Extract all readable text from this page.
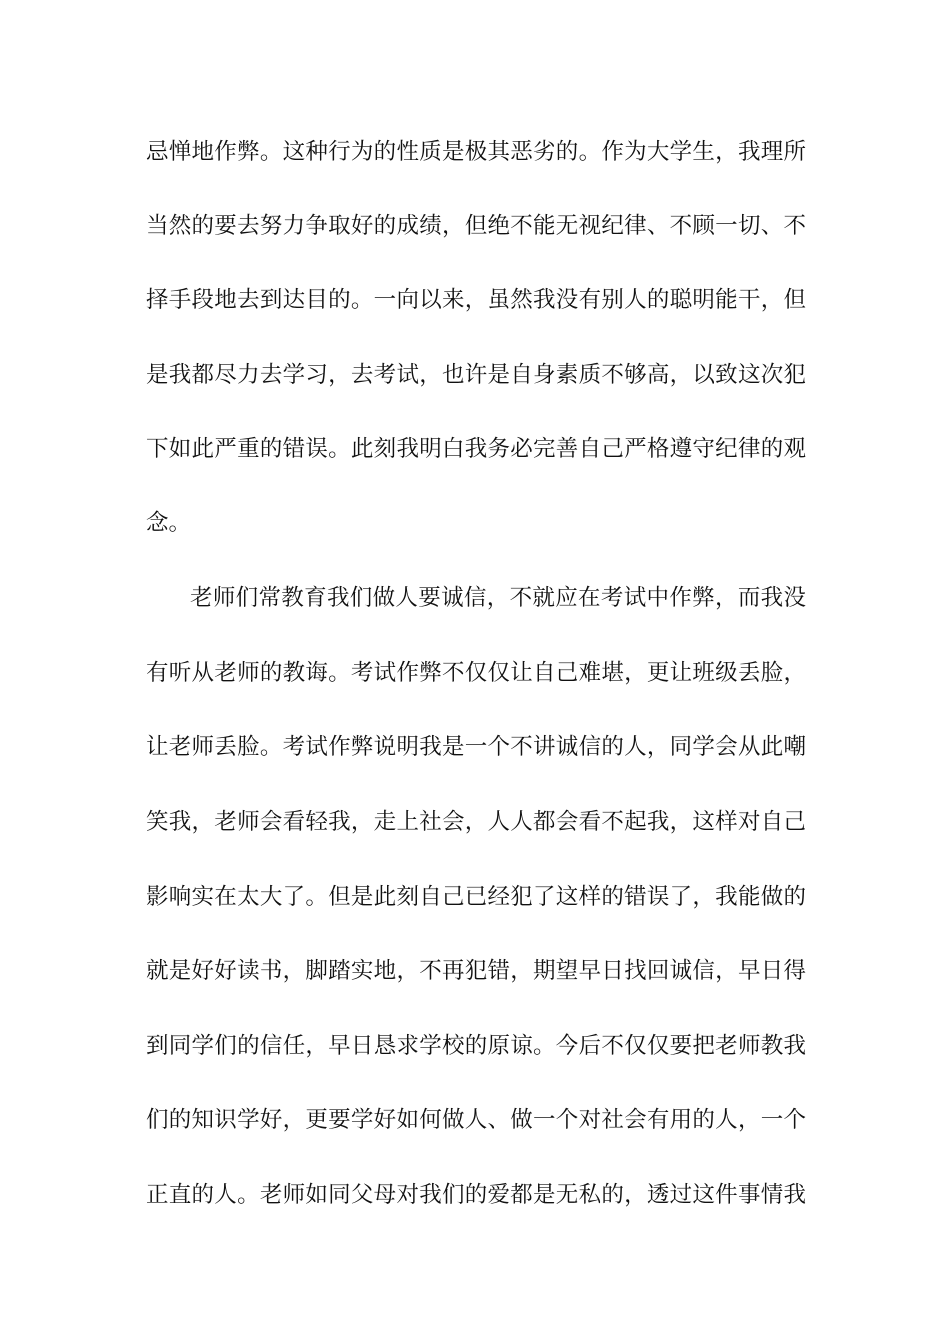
忌惮地作弊。这种行为的性质是极其恶劣的。作为大学生，我理所
当然的要去努力争取好的成绩，但绝不能无视纪律、不顾一切、不
择手段地去到达目的。一向以来，虽然我没有别人的聪明能干，但
是我都尽力去学习，去考试，也许是自身素质不够高，以致这次犯
下如此严重的错误。此刻我明白我务必完善自己严格遵守纪律的观
念。
老师们常教育我们做人要诚信，不就应在考试中作弊，而我没
有听从老师的教诲。考试作弊不仅仅让自己难堪，更让班级丢脸，
让老师丢脸。考试作弊说明我是一个不讲诚信的人，同学会从此嘲
笑我，老师会看轻我，走上社会，人人都会看不起我，这样对自己
影响实在太大了。但是此刻自己已经犯了这样的错误了，我能做的
就是好好读书，脚踏实地，不再犯错，期望早日找回诚信，早日得
到同学们的信任，早日恳求学校的原谅。今后不仅仅要把老师教我
们的知识学好，更要学好如何做人、做一个对社会有用的人，一个
正直的人。老师如同父母对我们的爱都是无私的，透过这件事情我
